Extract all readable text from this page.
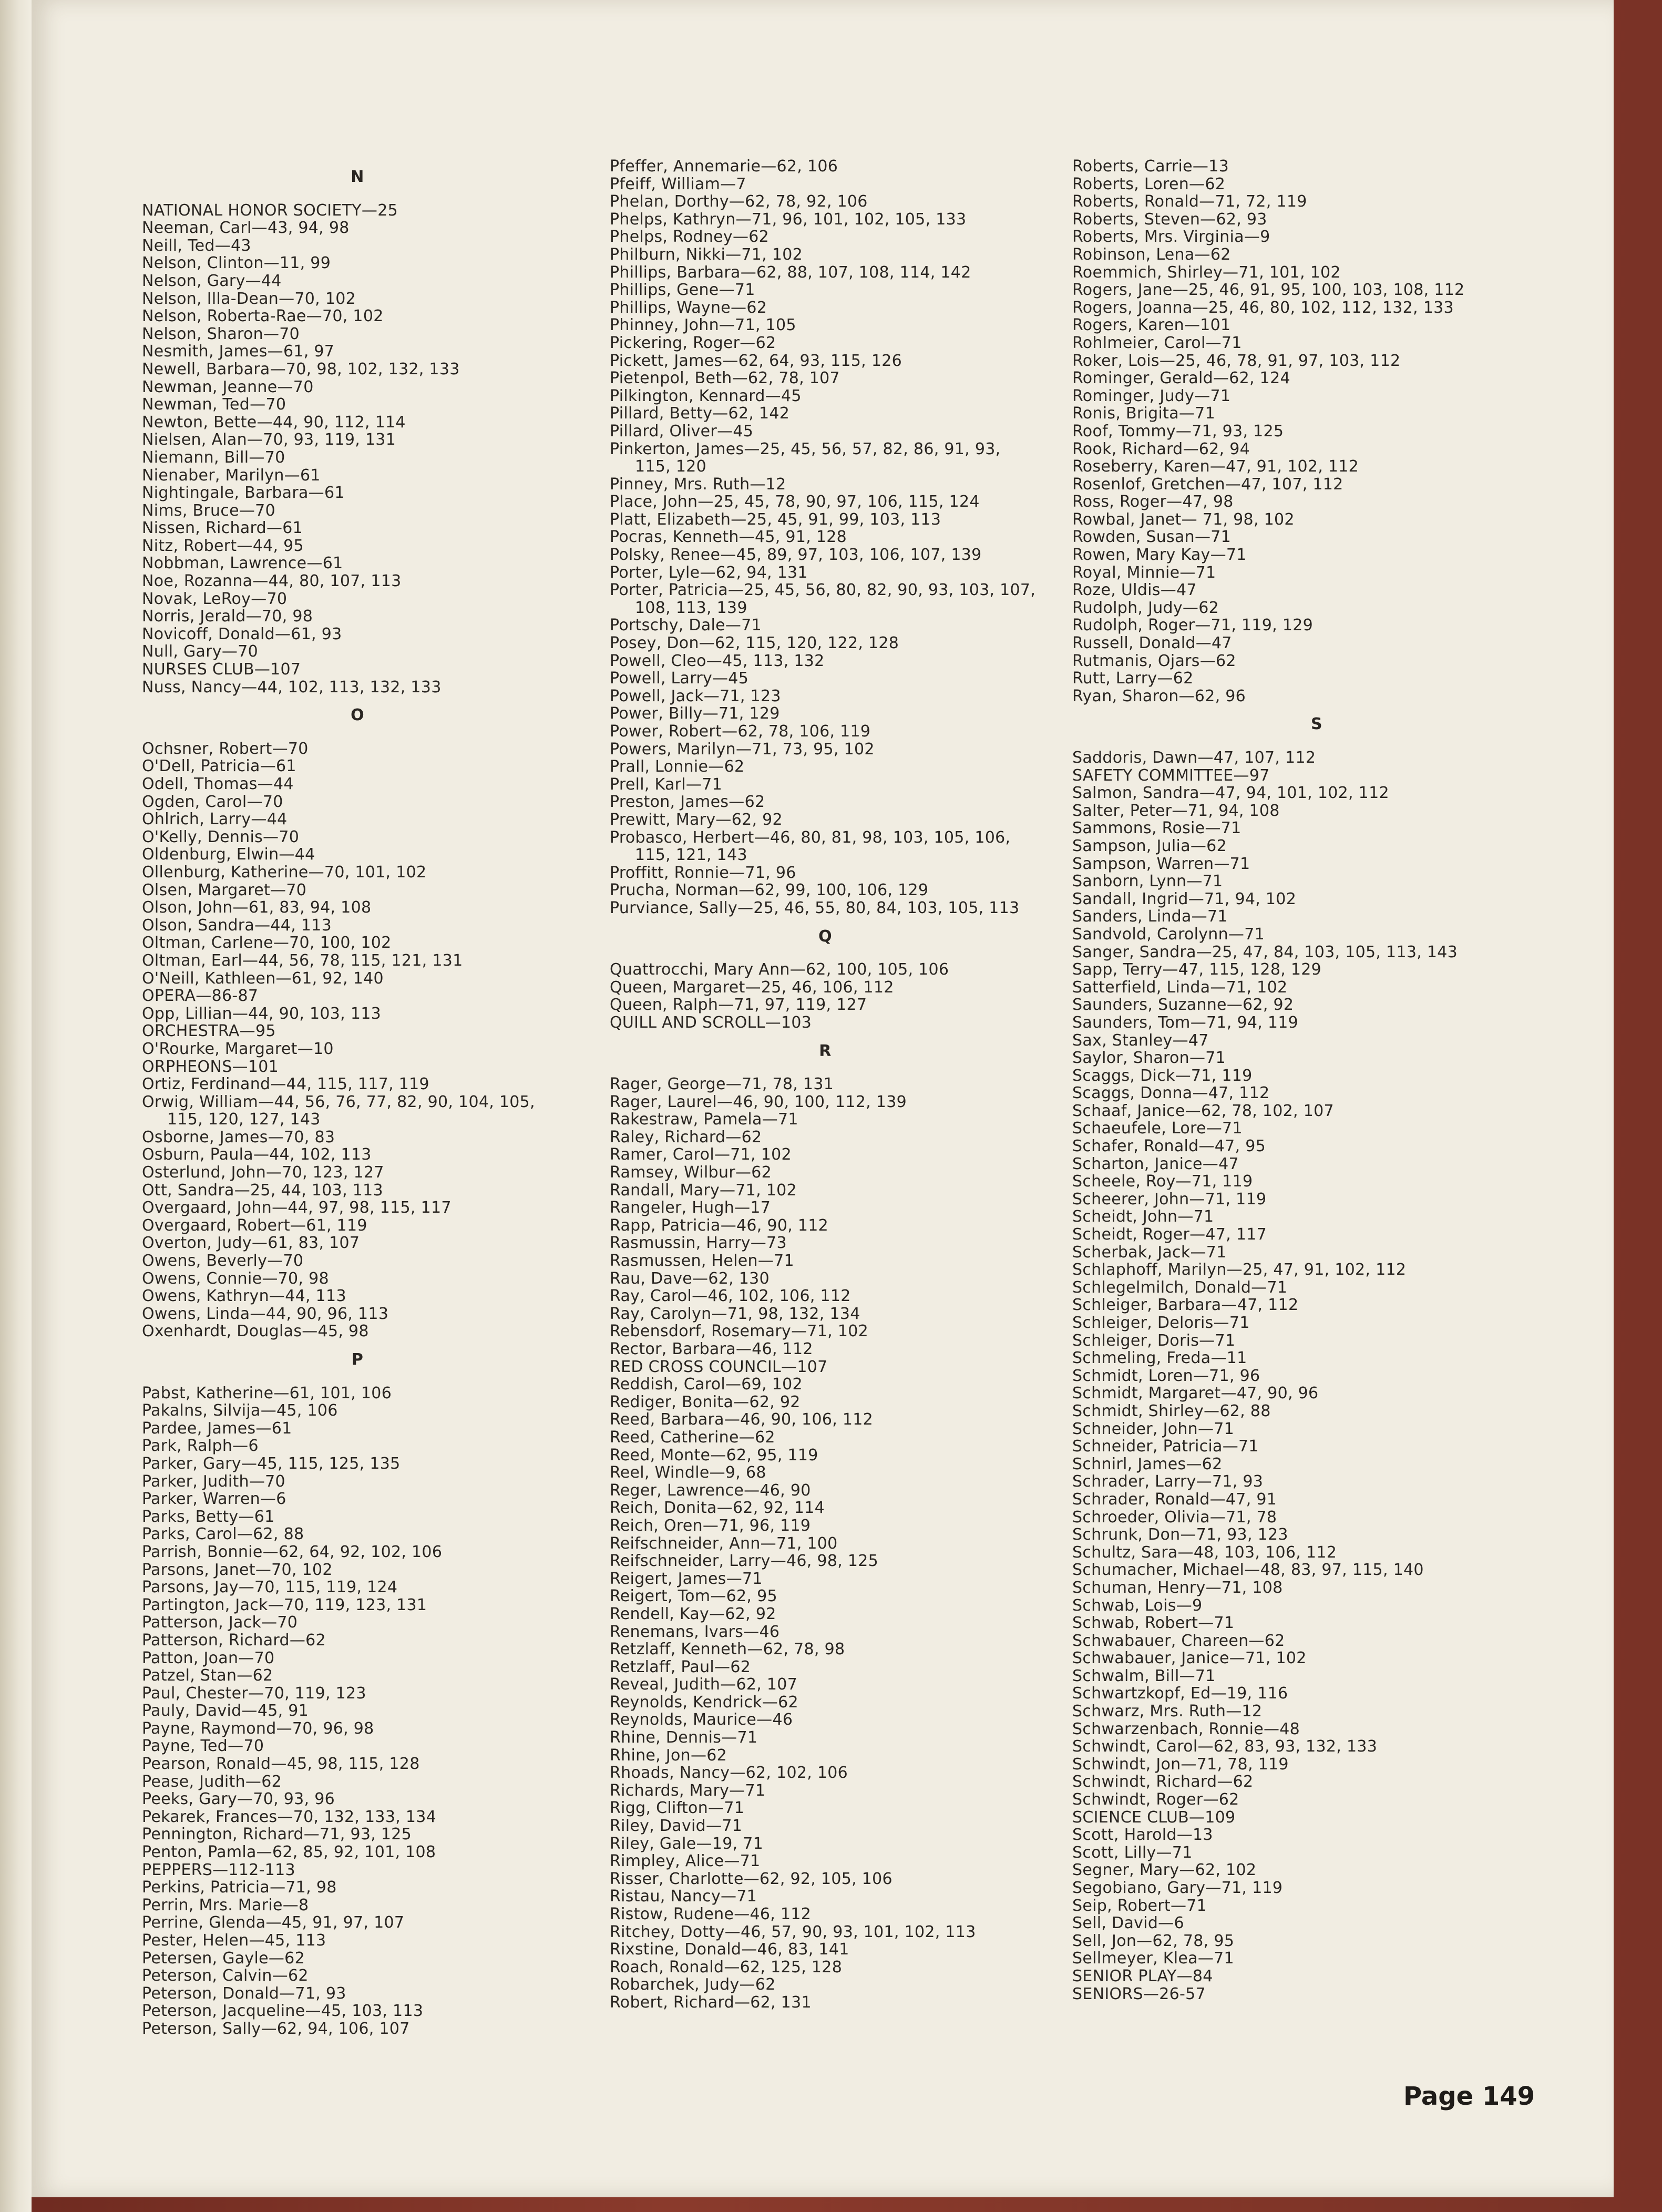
N
NATIONAL HONOR SOCIETY—25
Neeman, Carl—43, 94, 98
Neill, Ted—43
Nelson, Clinton—11, 99
Nelson, Gary—44
Nelson, Illa-Dean—70, 102
Nelson, Roberta-Rae—70, 102
Nelson, Sharon—70
Nesmith, James—61, 97
Newell, Barbara—70, 98, 102, 132, 133
Newman, Jeanne—70
Newman, Ted—70
Newton, Bette—44, 90, 112, 114
Nielsen, Alan—70, 93, 119, 131
Niemann, Bill—70
Nienaber, Marilyn—61
Nightingale, Barbara—61
Nims, Bruce—70
Nissen, Richard—61
Nitz, Robert—44, 95
Nobbman, Lawrence—61
Noe, Rozanna—44, 80, 107, 113
Novak, LeRoy—70
Norris, Jerald—70, 98
Novicoff, Donald—61, 93
Null, Gary—70
NURSES CLUB—107
Nuss, Nancy—44, 102, 113, 132, 133
O
Ochsner, Robert—70
O'Dell, Patricia—61
Odell, Thomas—44
Ogden, Carol—70
Ohlrich, Larry—44
O'Kelly, Dennis—70
Oldenburg, Elwin—44
Ollenburg, Katherine—70, 101, 102
Olsen, Margaret—70
Olson, John—61, 83, 94, 108
Olson, Sandra—44, 113
Oltman, Carlene—70, 100, 102
Oltman, Earl—44, 56, 78, 115, 121, 131
O'Neill, Kathleen—61, 92, 140
OPERA—86-87
Opp, Lillian—44, 90, 103, 113
ORCHESTRA—95
O'Rourke, Margaret—10
ORPHEONS—101
Ortiz, Ferdinand—44, 115, 117, 119
Orwig, William—44, 56, 76, 77, 82, 90, 104, 105, 115, 120, 127, 143
Osborne, James—70, 83
Osburn, Paula—44, 102, 113
Osterlund, John—70, 123, 127
Ott, Sandra—25, 44, 103, 113
Overgaard, John—44, 97, 98, 115, 117
Overgaard, Robert—61, 119
Overton, Judy—61, 83, 107
Owens, Beverly—70
Owens, Connie—70, 98
Owens, Kathryn—44, 113
Owens, Linda—44, 90, 96, 113
Oxenhardt, Douglas—45, 98
P
Pabst, Katherine—61, 101, 106
Pakalns, Silvija—45, 106
Pardee, James—61
Park, Ralph—6
Parker, Gary—45, 115, 125, 135
Parker, Judith—70
Parker, Warren—6
Parks, Betty—61
Parks, Carol—62, 88
Parrish, Bonnie—62, 64, 92, 102, 106
Parsons, Janet—70, 102
Parsons, Jay—70, 115, 119, 124
Partington, Jack—70, 119, 123, 131
Patterson, Jack—70
Patterson, Richard—62
Patton, Joan—70
Patzel, Stan—62
Paul, Chester—70, 119, 123
Pauly, David—45, 91
Payne, Raymond—70, 96, 98
Payne, Ted—70
Pearson, Ronald—45, 98, 115, 128
Pease, Judith—62
Peeks, Gary—70, 93, 96
Pekarek, Frances—70, 132, 133, 134
Pennington, Richard—71, 93, 125
Penton, Pamla—62, 85, 92, 101, 108
PEPPERS—112-113
Perkins, Patricia—71, 98
Perrin, Mrs. Marie—8
Perrine, Glenda—45, 91, 97, 107
Pester, Helen—45, 113
Petersen, Gayle—62
Peterson, Calvin—62
Peterson, Donald—71, 93
Peterson, Jacqueline—45, 103, 113
Peterson, Sally—62, 94, 106, 107
Pfeffer, Annemarie—62, 106
Pfeiff, William—7
Phelan, Dorthy—62, 78, 92, 106
Phelps, Kathryn—71, 96, 101, 102, 105, 133
Phelps, Rodney—62
Philburn, Nikki—71, 102
Phillips, Barbara—62, 88, 107, 108, 114, 142
Phillips, Gene—71
Phillips, Wayne—62
Phinney, John—71, 105
Pickering, Roger—62
Pickett, James—62, 64, 93, 115, 126
Pietenpol, Beth—62, 78, 107
Pilkington, Kennard—45
Pillard, Betty—62, 142
Pillard, Oliver—45
Pinkerton, James—25, 45, 56, 57, 82, 86, 91, 93, 115, 120
Pinney, Mrs. Ruth—12
Place, John—25, 45, 78, 90, 97, 106, 115, 124
Platt, Elizabeth—25, 45, 91, 99, 103, 113
Pocras, Kenneth—45, 91, 128
Polsky, Renee—45, 89, 97, 103, 106, 107, 139
Porter, Lyle—62, 94, 131
Porter, Patricia—25, 45, 56, 80, 82, 90, 93, 103, 107, 108, 113, 139
Portschy, Dale—71
Posey, Don—62, 115, 120, 122, 128
Powell, Cleo—45, 113, 132
Powell, Larry—45
Powell, Jack—71, 123
Power, Billy—71, 129
Power, Robert—62, 78, 106, 119
Powers, Marilyn—71, 73, 95, 102
Prall, Lonnie—62
Prell, Karl—71
Preston, James—62
Prewitt, Mary—62, 92
Probasco, Herbert—46, 80, 81, 98, 103, 105, 106, 115, 121, 143
Proffitt, Ronnie—71, 96
Prucha, Norman—62, 99, 100, 106, 129
Purviance, Sally—25, 46, 55, 80, 84, 103, 105, 113
Q
Quattrocchi, Mary Ann—62, 100, 105, 106
Queen, Margaret—25, 46, 106, 112
Queen, Ralph—71, 97, 119, 127
QUILL AND SCROLL—103
R
Rager, George—71, 78, 131
Rager, Laurel—46, 90, 100, 112, 139
Rakestraw, Pamela—71
Raley, Richard—62
Ramer, Carol—71, 102
Ramsey, Wilbur—62
Randall, Mary—71, 102
Rangeler, Hugh—17
Rapp, Patricia—46, 90, 112
Rasmussin, Harry—73
Rasmussen, Helen—71
Rau, Dave—62, 130
Ray, Carol—46, 102, 106, 112
Ray, Carolyn—71, 98, 132, 134
Rebensdorf, Rosemary—71, 102
Rector, Barbara—46, 112
RED CROSS COUNCIL—107
Reddish, Carol—69, 102
Rediger, Bonita—62, 92
Reed, Barbara—46, 90, 106, 112
Reed, Catherine—62
Reed, Monte—62, 95, 119
Reel, Windle—9, 68
Reger, Lawrence—46, 90
Reich, Donita—62, 92, 114
Reich, Oren—71, 96, 119
Reifschneider, Ann—71, 100
Reifschneider, Larry—46, 98, 125
Reigert, James—71
Reigert, Tom—62, 95
Rendell, Kay—62, 92
Renemans, Ivars—46
Retzlaff, Kenneth—62, 78, 98
Retzlaff, Paul—62
Reveal, Judith—62, 107
Reynolds, Kendrick—62
Reynolds, Maurice—46
Rhine, Dennis—71
Rhine, Jon—62
Rhoads, Nancy—62, 102, 106
Richards, Mary—71
Rigg, Clifton—71
Riley, David—71
Riley, Gale—19, 71
Rimpley, Alice—71
Risser, Charlotte—62, 92, 105, 106
Ristau, Nancy—71
Ristow, Rudene—46, 112
Ritchey, Dotty—46, 57, 90, 93, 101, 102, 113
Rixstine, Donald—46, 83, 141
Roach, Ronald—62, 125, 128
Robarchek, Judy—62
Robert, Richard—62, 131
Roberts, Carrie—13
Roberts, Loren—62
Roberts, Ronald—71, 72, 119
Roberts, Steven—62, 93
Roberts, Mrs. Virginia—9
Robinson, Lena—62
Roemmich, Shirley—71, 101, 102
Rogers, Jane—25, 46, 91, 95, 100, 103, 108, 112
Rogers, Joanna—25, 46, 80, 102, 112, 132, 133
Rogers, Karen—101
Rohlmeier, Carol—71
Roker, Lois—25, 46, 78, 91, 97, 103, 112
Rominger, Gerald—62, 124
Rominger, Judy—71
Ronis, Brigita—71
Roof, Tommy—71, 93, 125
Rook, Richard—62, 94
Roseberry, Karen—47, 91, 102, 112
Rosenlof, Gretchen—47, 107, 112
Ross, Roger—47, 98
Rowbal, Janet— 71, 98, 102
Rowden, Susan—71
Rowen, Mary Kay—71
Royal, Minnie—71
Roze, Uldis—47
Rudolph, Judy—62
Rudolph, Roger—71, 119, 129
Russell, Donald—47
Rutmanis, Ojars—62
Rutt, Larry—62
Ryan, Sharon—62, 96
S
Saddoris, Dawn—47, 107, 112
SAFETY COMMITTEE—97
Salmon, Sandra—47, 94, 101, 102, 112
Salter, Peter—71, 94, 108
Sammons, Rosie—71
Sampson, Julia—62
Sampson, Warren—71
Sanborn, Lynn—71
Sandall, Ingrid—71, 94, 102
Sanders, Linda—71
Sandvold, Carolynn—71
Sanger, Sandra—25, 47, 84, 103, 105, 113, 143
Sapp, Terry—47, 115, 128, 129
Satterfield, Linda—71, 102
Saunders, Suzanne—62, 92
Saunders, Tom—71, 94, 119
Sax, Stanley—47
Saylor, Sharon—71
Scaggs, Dick—71, 119
Scaggs, Donna—47, 112
Schaaf, Janice—62, 78, 102, 107
Schaeufele, Lore—71
Schafer, Ronald—47, 95
Scharton, Janice—47
Scheele, Roy—71, 119
Scheerer, John—71, 119
Scheidt, John—71
Scheidt, Roger—47, 117
Scherbak, Jack—71
Schlaphoff, Marilyn—25, 47, 91, 102, 112
Schlegelmilch, Donald—71
Schleiger, Barbara—47, 112
Schleiger, Deloris—71
Schleiger, Doris—71
Schmeling, Freda—11
Schmidt, Loren—71, 96
Schmidt, Margaret—47, 90, 96
Schmidt, Shirley—62, 88
Schneider, John—71
Schneider, Patricia—71
Schnirl, James—62
Schrader, Larry—71, 93
Schrader, Ronald—47, 91
Schroeder, Olivia—71, 78
Schrunk, Don—71, 93, 123
Schultz, Sara—48, 103, 106, 112
Schumacher, Michael—48, 83, 97, 115, 140
Schuman, Henry—71, 108
Schwab, Lois—9
Schwab, Robert—71
Schwabauer, Chareen—62
Schwabauer, Janice—71, 102
Schwalm, Bill—71
Schwartzkopf, Ed—19, 116
Schwarz, Mrs. Ruth—12
Schwarzenbach, Ronnie—48
Schwindt, Carol—62, 83, 93, 132, 133
Schwindt, Jon—71, 78, 119
Schwindt, Richard—62
Schwindt, Roger—62
SCIENCE CLUB—109
Scott, Harold—13
Scott, Lilly—71
Segner, Mary—62, 102
Segobiano, Gary—71, 119
Seip, Robert—71
Sell, David—6
Sell, Jon—62, 78, 95
Sellmeyer, Klea—71
SENIOR PLAY—84
SENIORS—26-57
Page 149
